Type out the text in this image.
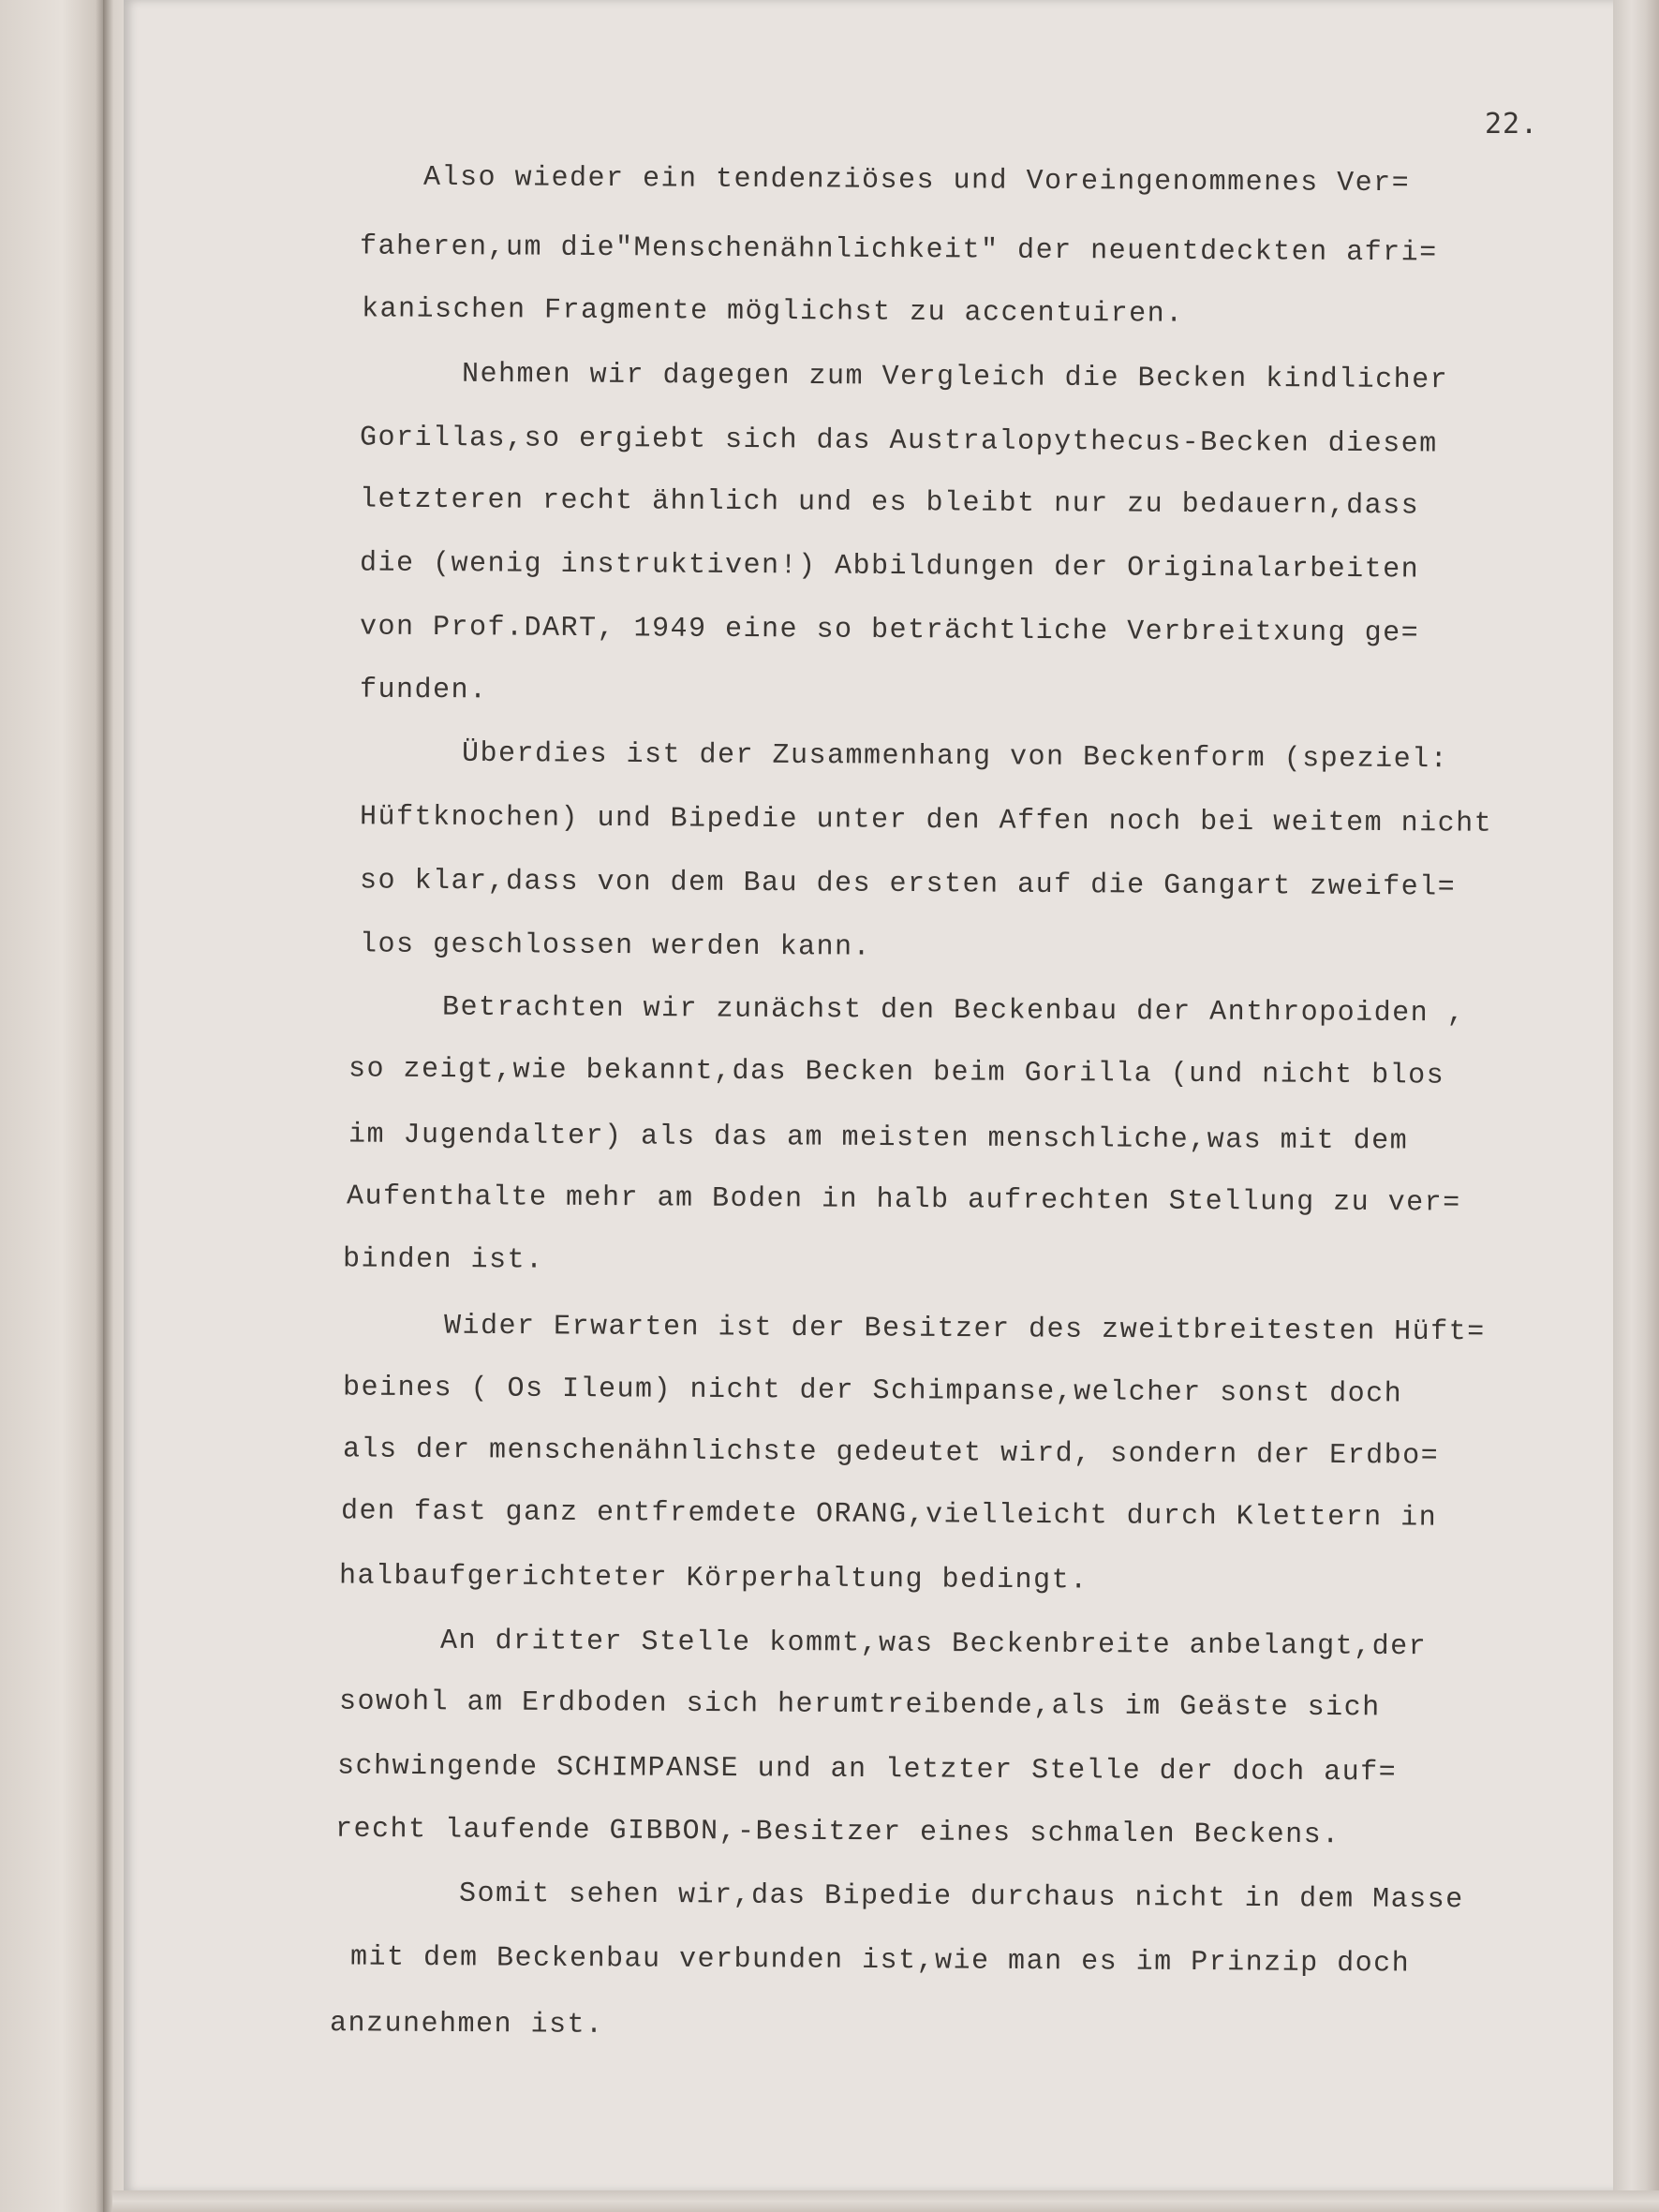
22.
Also wieder ein tendenziöses und Voreingenommenes Ver=
faheren,um die"Menschenähnlichkeit" der neuentdeckten afri=
kanischen Fragmente möglichst zu accentuiren.
Nehmen wir dagegen zum Vergleich die Becken kindlicher
Gorillas,so ergiebt sich das Australopythecus-Becken diesem
letzteren recht ähnlich und es bleibt nur zu bedauern,dass
die (wenig instruktiven!) Abbildungen der Originalarbeiten
von Prof.DART, 1949 eine so beträchtliche Verbreitxung ge=
funden.
Überdies ist der Zusammenhang von Beckenform (speziel:
Hüftknochen) und Bipedie unter den Affen noch bei weitem nicht
so klar,dass von dem Bau des ersten auf die Gangart zweifel=
los geschlossen werden kann.
Betrachten wir zunächst den Beckenbau der Anthropoiden ,
so zeigt,wie bekannt,das Becken beim Gorilla (und nicht blos
im Jugendalter) als das am meisten menschliche,was mit dem
Aufenthalte mehr am Boden in halb aufrechten Stellung zu ver=
binden ist.
Wider Erwarten ist der Besitzer des zweitbreitesten Hüft=
beines ( Os Ileum) nicht der Schimpanse,welcher sonst doch
als der menschenähnlichste gedeutet wird, sondern der Erdbo=
den fast ganz entfremdete ORANG,vielleicht durch Klettern in
halbaufgerichteter Körperhaltung bedingt.
An dritter Stelle kommt,was Beckenbreite anbelangt,der
sowohl am Erdboden sich herumtreibende,als im Geäste sich
schwingende SCHIMPANSE und an letzter Stelle der doch auf=
recht laufende GIBBON,-Besitzer eines schmalen Beckens.
Somit sehen wir,das Bipedie durchaus nicht in dem Masse
mit dem Beckenbau verbunden ist,wie man es im Prinzip doch
anzunehmen ist.
